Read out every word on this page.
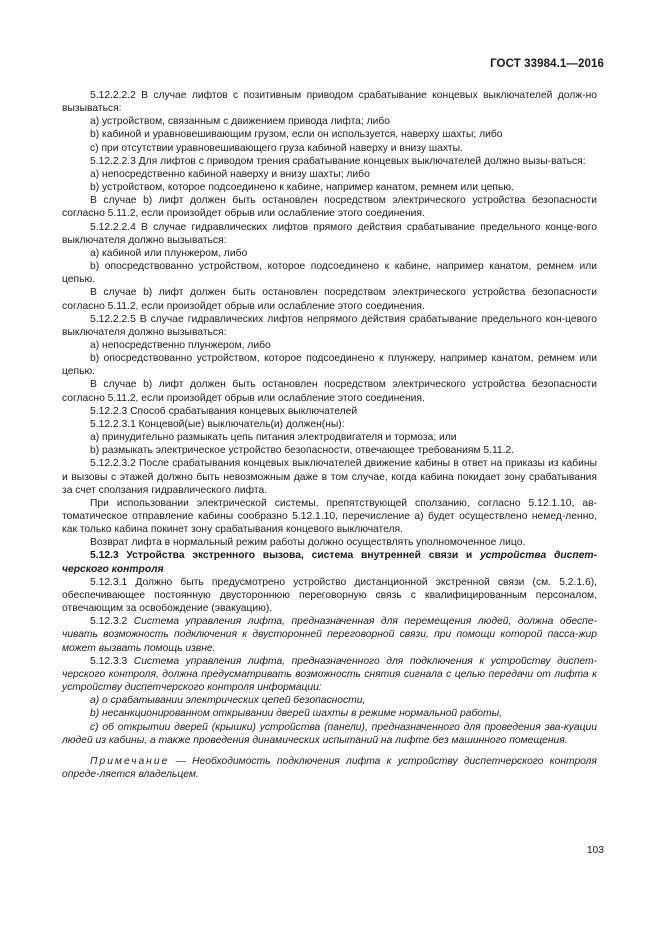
ГОСТ 33984.1—2016

5.12.2.2.2 В случае лифтов с позитивным приводом срабатывание концевых выключателей долж-но вызываться:

a) устройством, связанным с движением привода лифта; либо

b) кабиной и уравновешивающим грузом, если он используется, наверху шахты; либо

c) при отсутствии уравновешивающего груза кабиной наверху и внизу шахты.

5.12.2.2.3 Для лифтов с приводом трения срабатывание концевых выключателей должно вызы-ваться:

a) непосредственно кабиной наверху и внизу шахты; либо

b) устройством, которое подсоединено к кабине, например канатом, ремнем или цепью.

В случае b) лифт должен быть остановлен посредством электрического устройства безопасности согласно 5.11.2, если произойдет обрыв или ослабление этого соединения.

5.12.2.2.4 В случае гидравлических лифтов прямого действия срабатывание предельного конце-вого выключателя должно вызываться:

a) кабиной или плунжером, либо

b) опосредствованно устройством, которое подсоединено к кабине, например канатом, ремнем или цепью.

В случае b) лифт должен быть остановлен посредством электрического устройства безопасности согласно 5.11.2, если произойдет обрыв или ослабление этого соединения.

5.12.2.2.5 В случае гидравлических лифтов непрямого действия срабатывание предельного кон-цевого выключателя должно вызываться:

a) непосредственно плунжером, либо

b) опосредствованно устройством, которое подсоединено к плунжеру, например канатом, ремнем или цепью.

В случае b) лифт должен быть остановлен посредством электрического устройства безопасности согласно 5.11.2, если произойдет обрыв или ослабление этого соединения.

5.12.2.3 Способ срабатывания концевых выключателей

5.12.2.3.1 Концевой(ые) выключатель(и) должен(ны):

a) принудительно размыкать цепь питания электродвигателя и тормоза; или

b) размыкать электрическое устройство безопасности, отвечающее требованиям 5.11.2.

5.12.2.3.2 После срабатывания концевых выключателей движение кабины в ответ на приказы из кабины и вызовы с этажей должно быть невозможным даже в том случае, когда кабина покидает зону срабатывания за счет сползания гидравлического лифта.

При использовании электрической системы, препятствующей сползанию, согласно 5.12.1.10, ав-томатическое отправление кабины сообразно 5.12.1.10, перечисление а) будет осуществлено немед-ленно, как только кабина покинет зону срабатывания концевого выключателя.

Возврат лифта в нормальный режим работы должно осуществлять уполномоченное лицо.

5.12.3 Устройства экстренного вызова, система внутренней связи и устройства диспет-черского контроля

5.12.3.1 Должно быть предусмотрено устройство дистанционной экстренной связи (см. 5.2.1.6), обеспечивающее постоянную двустороннюю переговорную связь с квалифицированным персоналом, отвечающим за освобождение (эвакуацию).

5.12.3.2 Система управления лифта, предназначенная для перемещения людей, должна обеспе-чивать возможность подключения к двусторонней переговорной связи, при помощи которой пасса-жир может вызвать помощь извне.

5.12.3.3 Система управления лифта, предназначенного для подключения к устройству диспет-черского контроля, должна предусматривать возможность снятия сигнала с целью передачи от лифта к устройству диспетчерского контроля информации:

a) о срабатывании электрических цепей безопасности,

b) несанкционированном открывании дверей шахты в режиме нормальной работы,

c) об открытии дверей (крышки) устройства (панели), предназначенного для проведения эва-куации людей из кабины, а также проведения динамических испытаний на лифте без машинного помещения.

Примечание — Необходимость подключения лифта к устройству диспетчерского контроля опреде-ляется владельцем.

103
